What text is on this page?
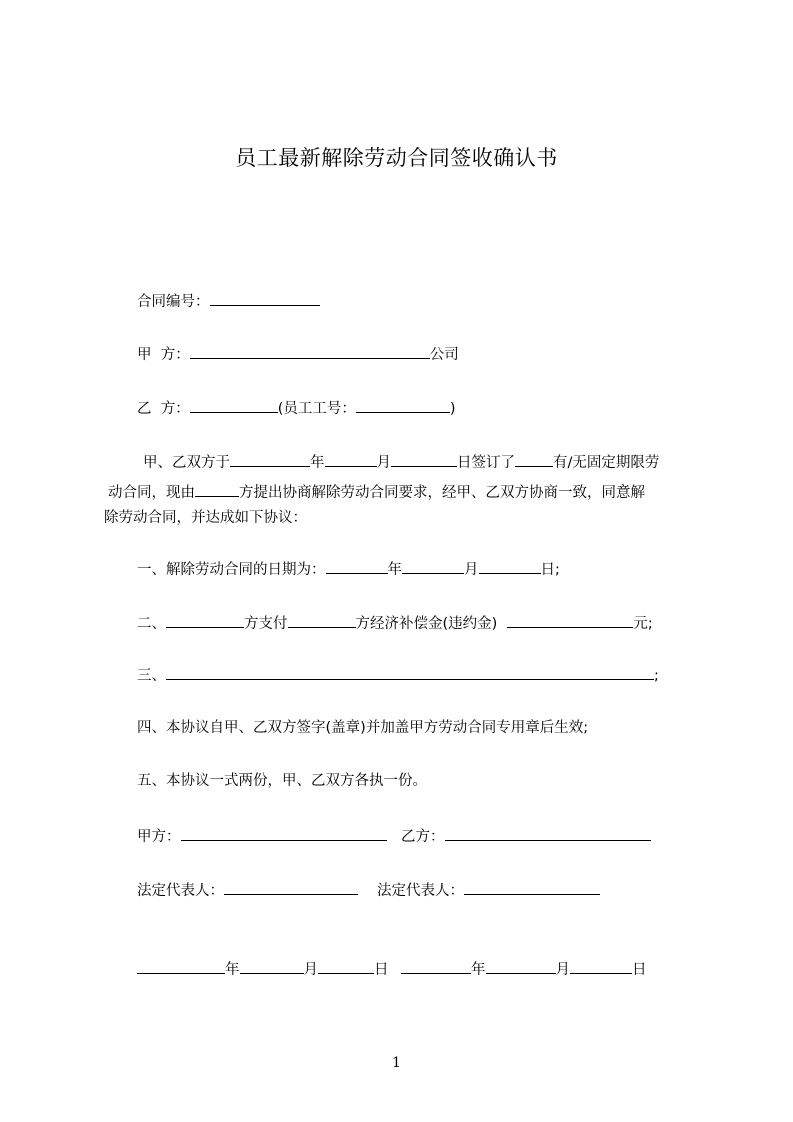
员工最新解除劳动合同签收确认书
合同编号：
甲  方：	公司
乙  方：	(员工工号：	)
甲、乙双方于	年	月	日签订了	有/无固定期限劳
动合同，现由	方提出协商解除劳动合同要求，经甲、乙双方协商一致，同意解
除劳动合同，并达成如下协议：
一、解除劳动合同的日期为：	年	月	日;
二、	方支付	方经济补偿金(违约金)	元;
三、	;
四、本协议自甲、乙双方签字(盖章)并加盖甲方劳动合同专用章后生效;
五、本协议一式两份，甲、乙双方各执一份。
甲方：	乙方：
法定代表人：	法定代表人：
年	月	日	年	月	日
1
